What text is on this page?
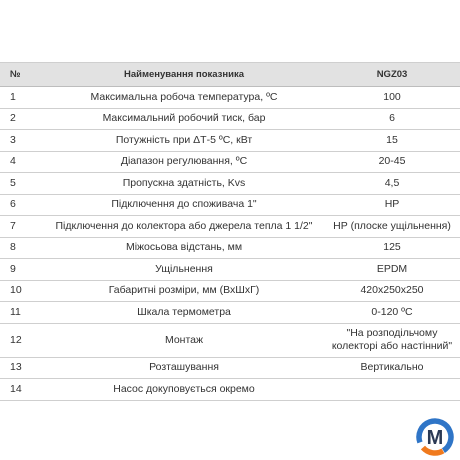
№	Найменування показника	NGZ03
1	Максимальна робоча температура, ºС	100
2	Максимальний робочий тиск, бар	6
3	Потужність при ΔТ-5 ºС, кВт	15
4	Діапазон регулювання, ºС	20-45
5	Пропускна здатність, Kvs	4,5
6	Підключення до споживача 1"	НР
7	Підключення до колектора або джерела тепла 1 1/2"	НР (плоске ущільнення)
8	Міжосьова відстань, мм	125
9	Ущільнення	EPDM
10	Габаритні розміри, мм (ВхШхГ)	420x250x250
11	Шкала термометра	0-120 ºС
12	Монтаж	"На розподільчому колекторі або настінний"
13	Розташування	Вертикально
14	Насос докуповується окремо	
M
